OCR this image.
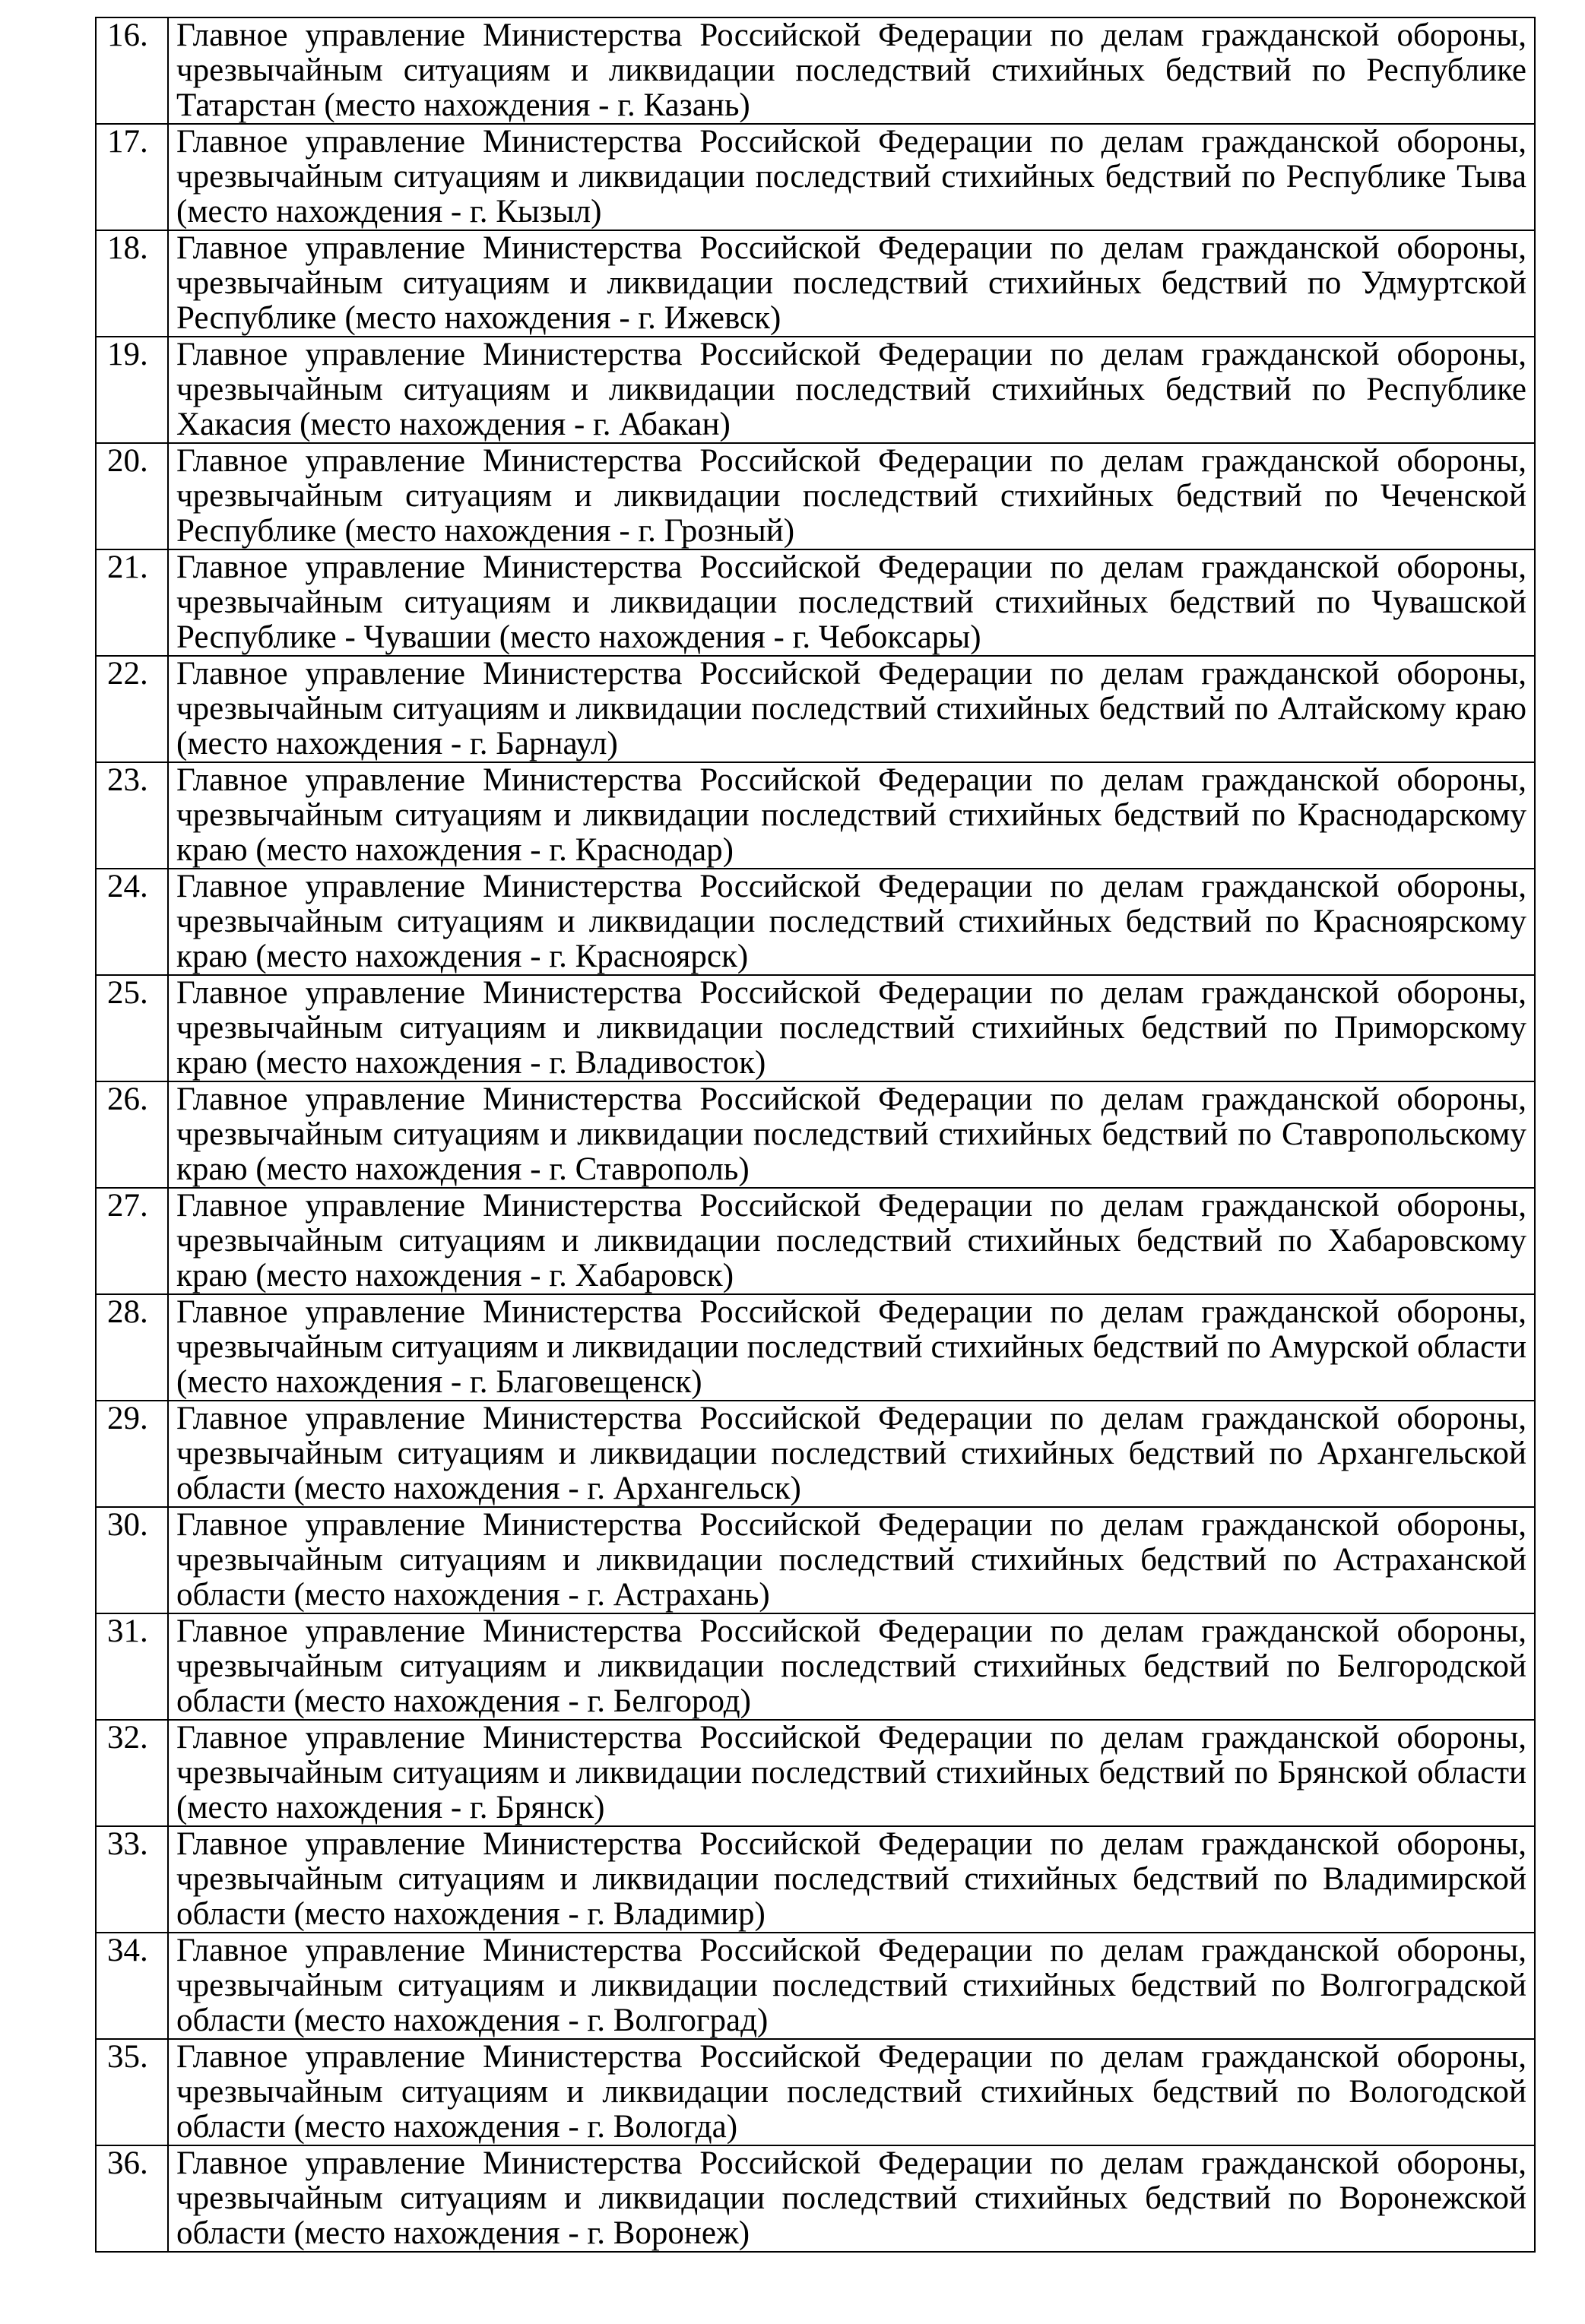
16.	Главное управление Министерства Российской Федерации по делам гражданской обороны, чрезвычайным ситуациям и ликвидации последствий стихийных бедствий по Республике Татарстан (место нахождения - г. Казань)
17.	Главное управление Министерства Российской Федерации по делам гражданской обороны, чрезвычайным ситуациям и ликвидации последствий стихийных бедствий по Республике Тыва (место нахождения - г. Кызыл)
18.	Главное управление Министерства Российской Федерации по делам гражданской обороны, чрезвычайным ситуациям и ликвидации последствий стихийных бедствий по Удмуртской Республике (место нахождения - г. Ижевск)
19.	Главное управление Министерства Российской Федерации по делам гражданской обороны, чрезвычайным ситуациям и ликвидации последствий стихийных бедствий по Республике Хакасия (место нахождения - г. Абакан)
20.	Главное управление Министерства Российской Федерации по делам гражданской обороны, чрезвычайным ситуациям и ликвидации последствий стихийных бедствий по Чеченской Республике (место нахождения - г. Грозный)
21.	Главное управление Министерства Российской Федерации по делам гражданской обороны, чрезвычайным ситуациям и ликвидации последствий стихийных бедствий по Чувашской Республике - Чувашии (место нахождения - г. Чебоксары)
22.	Главное управление Министерства Российской Федерации по делам гражданской обороны, чрезвычайным ситуациям и ликвидации последствий стихийных бедствий по Алтайскому краю (место нахождения - г. Барнаул)
23.	Главное управление Министерства Российской Федерации по делам гражданской обороны, чрезвычайным ситуациям и ликвидации последствий стихийных бедствий по Краснодарскому краю (место нахождения - г. Краснодар)
24.	Главное управление Министерства Российской Федерации по делам гражданской обороны, чрезвычайным ситуациям и ликвидации последствий стихийных бедствий по Красноярскому краю (место нахождения - г. Красноярск)
25.	Главное управление Министерства Российской Федерации по делам гражданской обороны, чрезвычайным ситуациям и ликвидации последствий стихийных бедствий по Приморскому краю (место нахождения - г. Владивосток)
26.	Главное управление Министерства Российской Федерации по делам гражданской обороны, чрезвычайным ситуациям и ликвидации последствий стихийных бедствий по Ставропольскому краю (место нахождения - г. Ставрополь)
27.	Главное управление Министерства Российской Федерации по делам гражданской обороны, чрезвычайным ситуациям и ликвидации последствий стихийных бедствий по Хабаровскому краю (место нахождения - г. Хабаровск)
28.	Главное управление Министерства Российской Федерации по делам гражданской обороны, чрезвычайным ситуациям и ликвидации последствий стихийных бедствий по Амурской области (место нахождения - г. Благовещенск)
29.	Главное управление Министерства Российской Федерации по делам гражданской обороны, чрезвычайным ситуациям и ликвидации последствий стихийных бедствий по Архангельской области (место нахождения - г. Архангельск)
30.	Главное управление Министерства Российской Федерации по делам гражданской обороны, чрезвычайным ситуациям и ликвидации последствий стихийных бедствий по Астраханской области (место нахождения - г. Астрахань)
31.	Главное управление Министерства Российской Федерации по делам гражданской обороны, чрезвычайным ситуациям и ликвидации последствий стихийных бедствий по Белгородской области (место нахождения - г. Белгород)
32.	Главное управление Министерства Российской Федерации по делам гражданской обороны, чрезвычайным ситуациям и ликвидации последствий стихийных бедствий по Брянской области (место нахождения - г. Брянск)
33.	Главное управление Министерства Российской Федерации по делам гражданской обороны, чрезвычайным ситуациям и ликвидации последствий стихийных бедствий по Владимирской области (место нахождения - г. Владимир)
34.	Главное управление Министерства Российской Федерации по делам гражданской обороны, чрезвычайным ситуациям и ликвидации последствий стихийных бедствий по Волгоградской области (место нахождения - г. Волгоград)
35.	Главное управление Министерства Российской Федерации по делам гражданской обороны, чрезвычайным ситуациям и ликвидации последствий стихийных бедствий по Вологодской области (место нахождения - г. Вологда)
36.	Главное управление Министерства Российской Федерации по делам гражданской обороны, чрезвычайным ситуациям и ликвидации последствий стихийных бедствий по Воронежской области (место нахождения - г. Воронеж)
